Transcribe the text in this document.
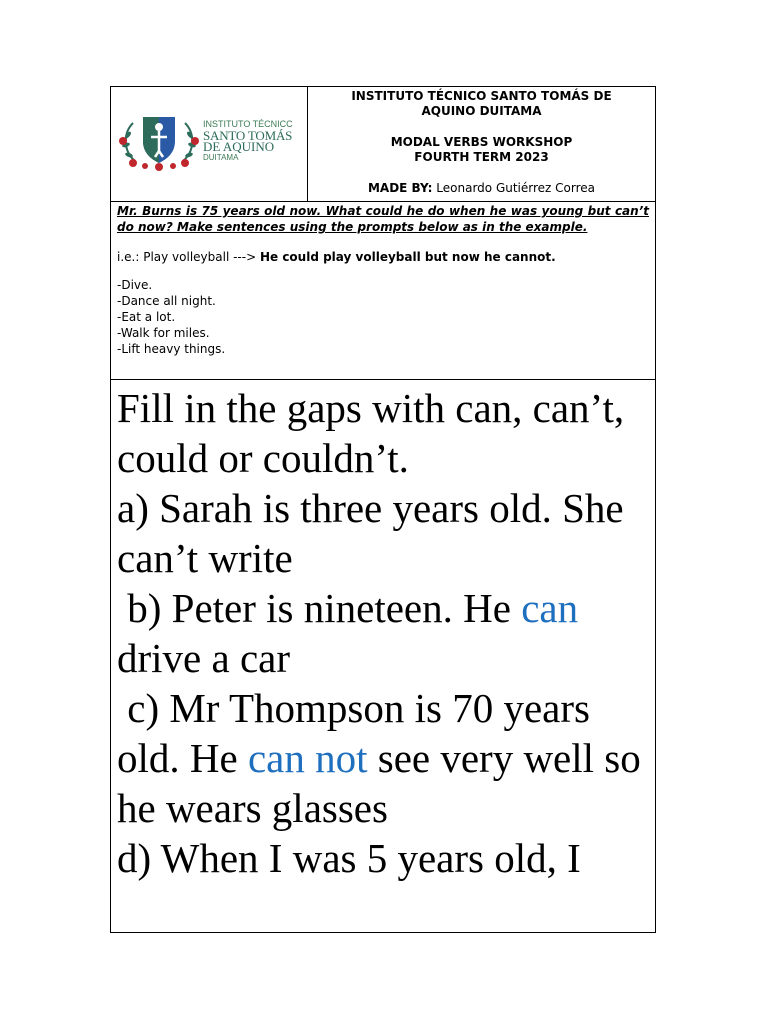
INSTITUTO TÉCNICC
SANTO TOMÁS
DE AQUINO
DUITAMA
INSTITUTO TÉCNICO SANTO TOMÁS DE
AQUINO DUITAMA
MODAL VERBS WORKSHOP
FOURTH TERM 2023
MADE BY: Leonardo Gutiérrez Correa
Mr. Burns is 75 years old now. What could he do when he was young but can’t do now? Make sentences using the prompts below as in the example.
i.e.: Play volleyball ---> He could play volleyball but now he cannot.
-Dive.
-Dance all night.
-Eat a lot.
-Walk for miles.
-Lift heavy things.

Fill in the gaps with can, can’t, could or couldn’t.

a) Sarah is three years old. She can’t write

b) Peter is nineteen. He can drive a car

c) Mr Thompson is 70 years old. He can not see very well so he wears glasses

d) When I was 5 years old, I
